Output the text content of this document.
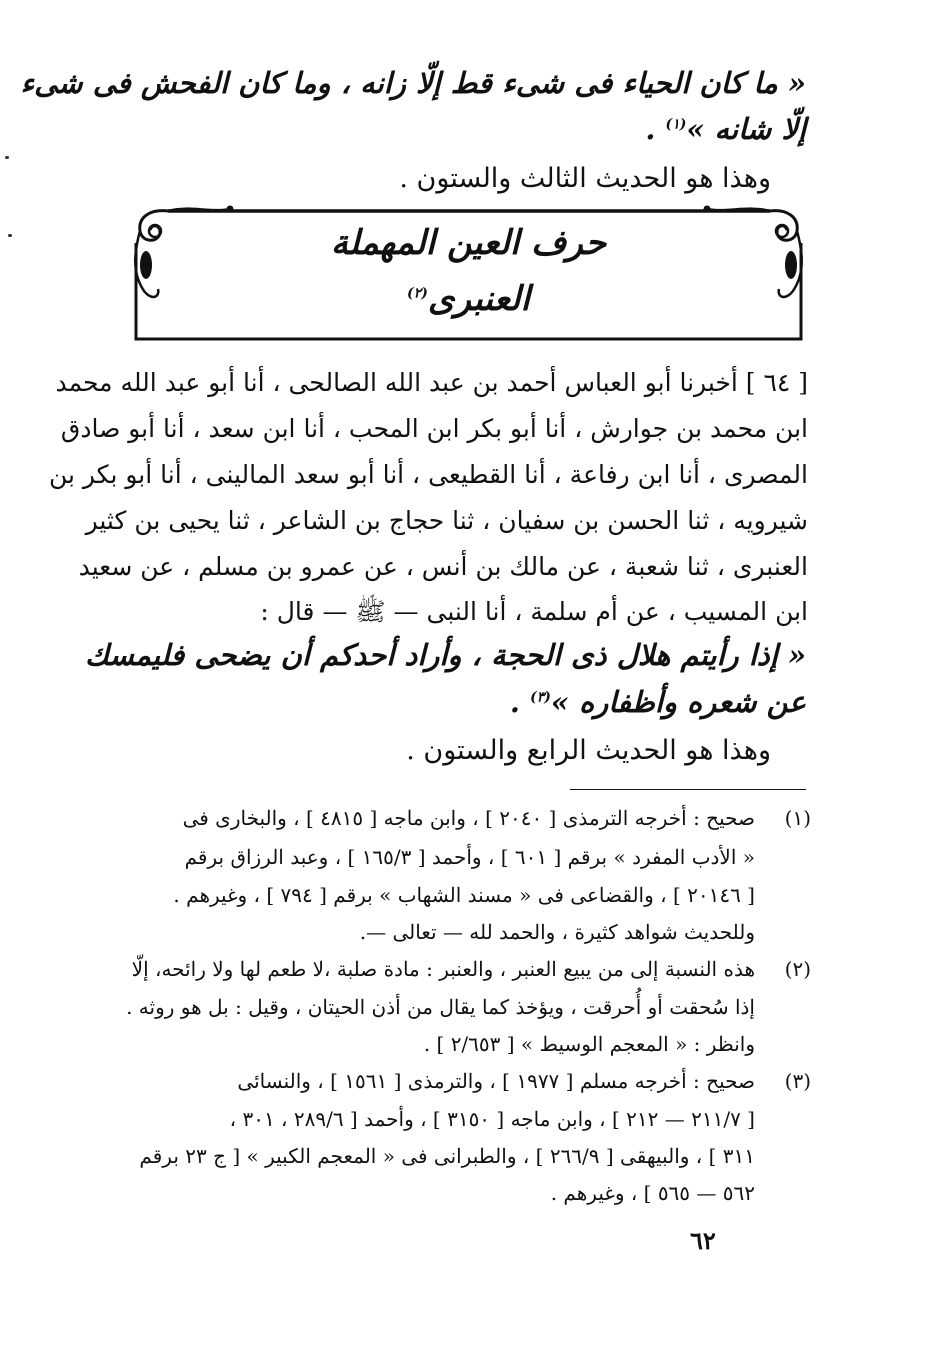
« ما كان الحياء فى شىء قط إلّا زانه ، وما كان الفحش فى شىء
إلّا شانه »$^{(١)}$ .
وهذا هو الحديث الثالث والستون .
حرف العين المهملة
العنبرى$^{(٢)}$
[ ٦٤ ] أخبرنا أبو العباس أحمد بن عبد الله الصالحى ، أنا أبو عبد الله محمد
ابن محمد بن جوارش ، أنا أبو بكر ابن المحب ، أنا ابن سعد ، أنا أبو صادق
المصرى ، أنا ابن رفاعة ، أنا القطيعى ، أنا أبو سعد المالينى ، أنا أبو بكر بن
شيرويه ، ثنا الحسن بن سفيان ، ثنا حجاج بن الشاعر ، ثنا يحيى بن كثير
العنبرى ، ثنا شعبة ، عن مالك بن أنس ، عن عمرو بن مسلم ، عن سعيد
ابن المسيب ، عن أم سلمة ، أنا النبى — ﷺ — قال :
« إذا رأيتم هلال ذى الحجة ، وأراد أحدكم أن يضحى فليمسك
عن شعره وأظفاره »$^{(٣)}$ .
وهذا هو الحديث الرابع والستون .
(١)
صحيح : أخرجه الترمذى [ ٢٠٤٠ ] ، وابن ماجه [ ٤٨١٥ ] ، والبخارى فى
« الأدب المفرد » برقم [ ٦٠١ ] ، وأحمد [ ١٦٥/٣ ] ، وعبد الرزاق برقم
[ ٢٠١٤٦ ] ، والقضاعى فى « مسند الشهاب » برقم [ ٧٩٤ ] ، وغيرهم .
وللحديث شواهد كثيرة ، والحمد لله — تعالى —.
(٢)
هذه النسبة إلى من يبيع العنبر ، والعنبر : مادة صلبة ،لا طعم لها ولا رائحه، إلّا
إذا سُحقت أو أُحرقت ، ويؤخذ كما يقال من أذن الحيتان ، وقيل : بل هو روثه .
وانظر : « المعجم الوسيط » [ ٢/٦٥٣ ] .
(٣)
صحيح : أخرجه مسلم [ ١٩٧٧ ] ، والترمذى [ ١٥٦١ ] ، والنسائى
[ ٢١١/٧ — ٢١٢ ] ، وابن ماجه [ ٣١٥٠ ] ، وأحمد [ ٢٨٩/٦ ، ٣٠١ ،
٣١١ ] ، والبيهقى [ ٢٦٦/٩ ] ، والطبرانى فى « المعجم الكبير » [ ج ٢٣ برقم
٥٦٢ — ٥٦٥ ] ، وغيرهم .
٦٢
